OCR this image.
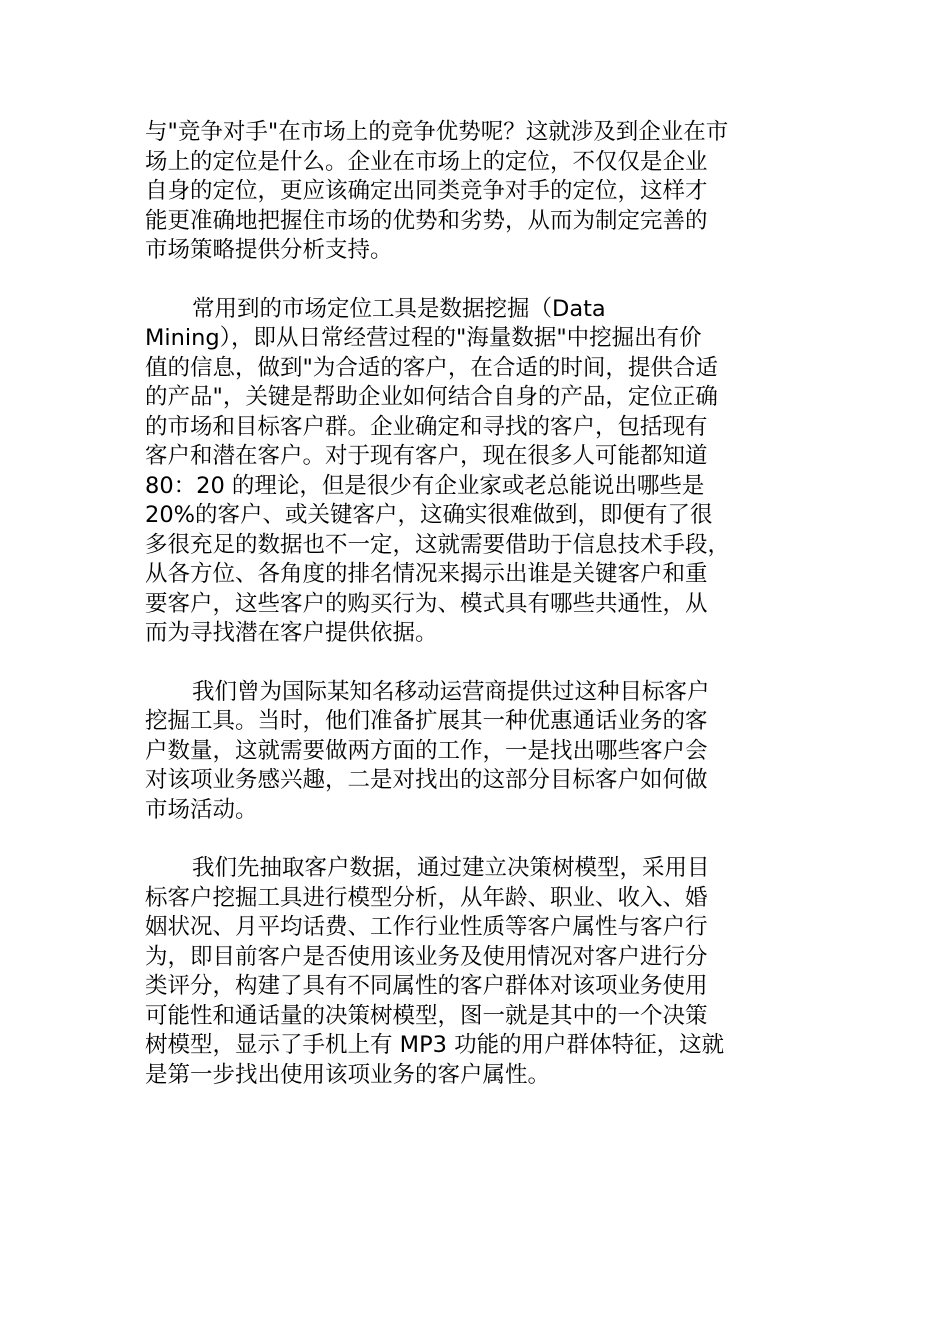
与"竞争对手"在市场上的竞争优势呢？这就涉及到企业在市
场上的定位是什么。企业在市场上的定位，不仅仅是企业
自身的定位，更应该确定出同类竞争对手的定位，这样才
能更准确地把握住市场的优势和劣势，从而为制定完善的
市场策略提供分析支持。

常用到的市场定位工具是数据挖掘（Data
Mining），即从日常经营过程的"海量数据"中挖掘出有价
值的信息，做到"为合适的客户，在合适的时间，提供合适
的产品"，关键是帮助企业如何结合自身的产品，定位正确
的市场和目标客户群。企业确定和寻找的客户，包括现有
客户和潜在客户。对于现有客户，现在很多人可能都知道
80：20 的理论，但是很少有企业家或老总能说出哪些是
20%的客户、或关键客户，这确实很难做到，即便有了很
多很充足的数据也不一定，这就需要借助于信息技术手段，
从各方位、各角度的排名情况来揭示出谁是关键客户和重
要客户，这些客户的购买行为、模式具有哪些共通性，从
而为寻找潜在客户提供依据。

我们曾为国际某知名移动运营商提供过这种目标客户
挖掘工具。当时，他们准备扩展其一种优惠通话业务的客
户数量，这就需要做两方面的工作，一是找出哪些客户会
对该项业务感兴趣，二是对找出的这部分目标客户如何做
市场活动。

我们先抽取客户数据，通过建立决策树模型，采用目
标客户挖掘工具进行模型分析，从年龄、职业、收入、婚
姻状况、月平均话费、工作行业性质等客户属性与客户行
为，即目前客户是否使用该业务及使用情况对客户进行分
类评分，构建了具有不同属性的客户群体对该项业务使用
可能性和通话量的决策树模型，图一就是其中的一个决策
树模型，显示了手机上有 MP3 功能的用户群体特征，这就
是第一步找出使用该项业务的客户属性。
